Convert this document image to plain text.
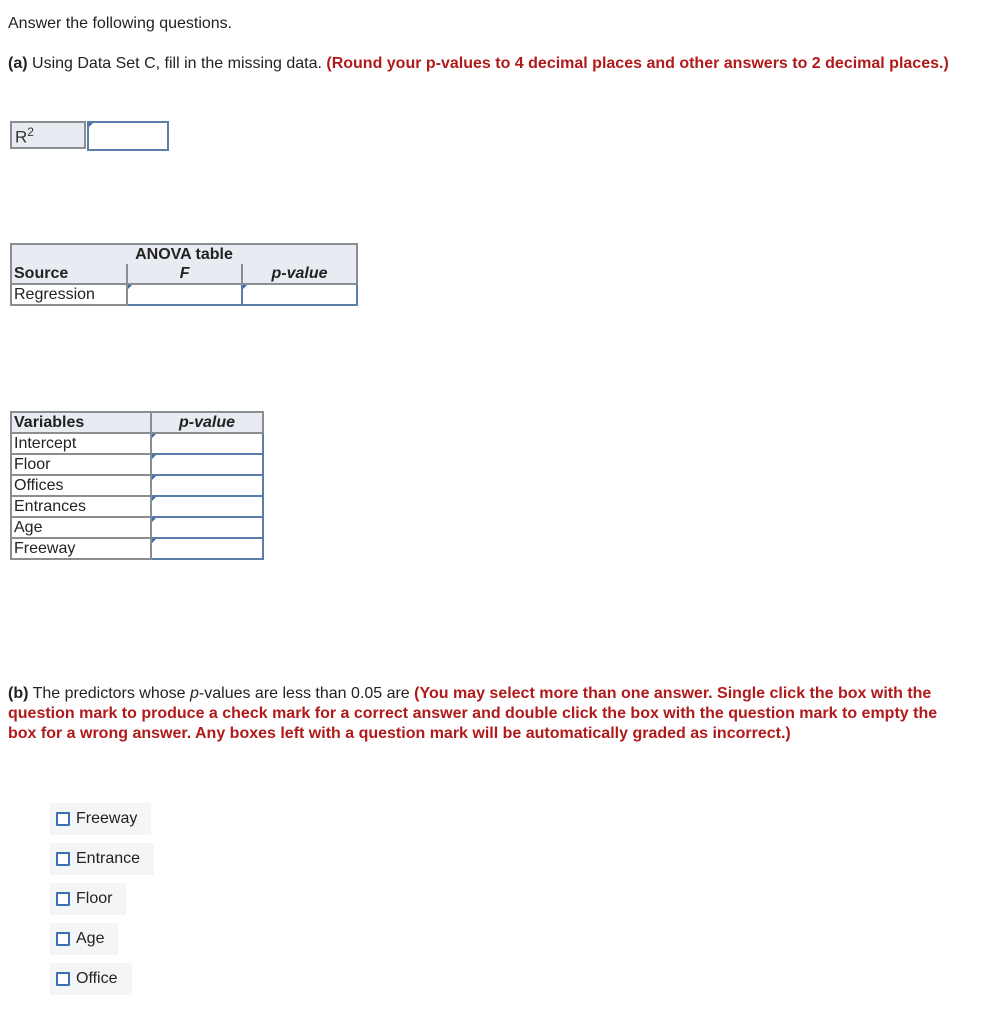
Answer the following questions.
(a) Using Data Set C, fill in the missing data. (Round your p-values to 4 decimal places and other answers to 2 decimal places.)
$R^2$
ANOVA table		
Source	F	p-value
Regression		
Variables	p-value
Intercept	
Floor	
Offices	
Entrances	
Age	
Freeway	
(b) The predictors whose p-values are less than 0.05 are (You may select more than one answer. Single click the box with the question mark to produce a check mark for a correct answer and double click the box with the question mark to empty the box for a wrong answer. Any boxes left with a question mark will be automatically graded as incorrect.)
Freeway
Entrance
Floor
Age
Office
